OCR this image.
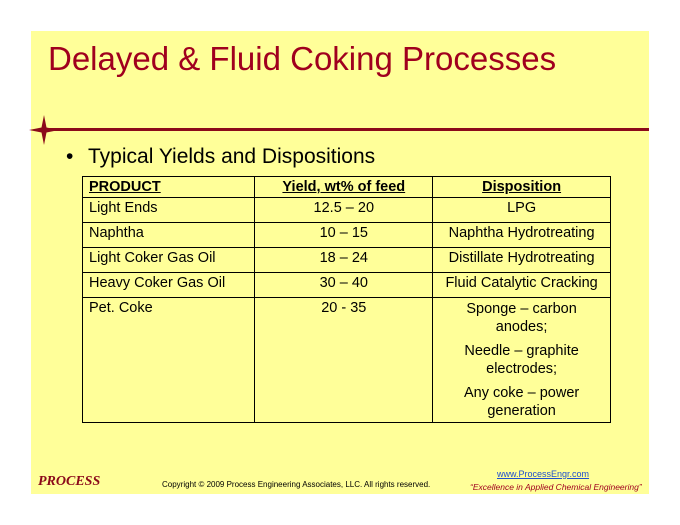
Delayed & Fluid Coking Processes
• Typical Yields and Dispositions
PRODUCT	Yield, wt% of feed	Disposition
Light Ends	12.5 – 20	LPG
Naphtha	10 – 15	Naphtha Hydrotreating
Light Coker Gas Oil	18 – 24	Distillate Hydrotreating
Heavy Coker Gas Oil	30 – 40	Fluid Catalytic Cracking
Pet. Coke	20 - 35	Sponge – carbon anodes;
Needle – graphite electrodes;
Any coke – power generation
PROCESS	Copyright © 2009 Process Engineering Associates, LLC. All rights reserved.
www.ProcessEngr.com
“Excellence in Applied Chemical Engineering”
